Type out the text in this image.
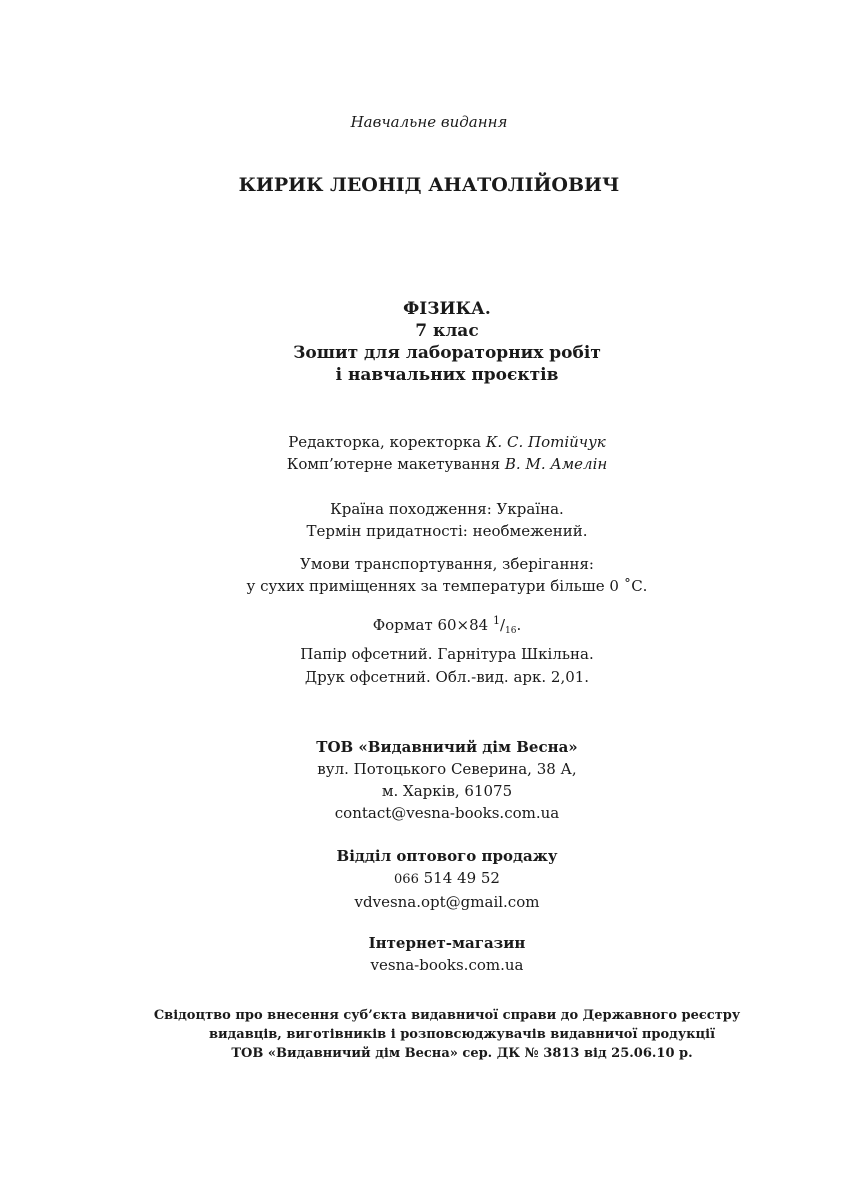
Навчальне видання
КИРИК ЛЕОНІД АНАТОЛІЙОВИЧ
ФІЗИКА.
7 клас
Зошит для лабораторних робіт
і навчальних проєктів
Редакторка, коректорка К. С. Потійчук
Комп’ютерне макетування В. М. Амелін
Країна походження: Україна.
Термін придатності: необмежений.
Умови транспортування, зберігання:
у сухих приміщеннях за температури більше 0 ˚С.
Формат 60×84 $^1/_{16}$.
Папір офсетний. Гарнітура Шкільна.
Друк офсетний. Обл.-вид. арк. 2,01.
ТОВ «Видавничий дім Весна»
вул. Потоцького Северина, 38 А,
м. Харків, 61075
contact@vesna-books.com.ua
Відділ оптового продажу
066 514 49 52
vdvesna.opt@gmail.com
Інтернет-магазин
vesna-books.com.ua
Свідоцтво про внесення суб’єкта видавничої справи до Державного реєстру
видавців, виготівників і розповсюджувачів видавничої продукції
ТОВ «Видавничий дім Весна» сер. ДК № 3813 від 25.06.10 р.
